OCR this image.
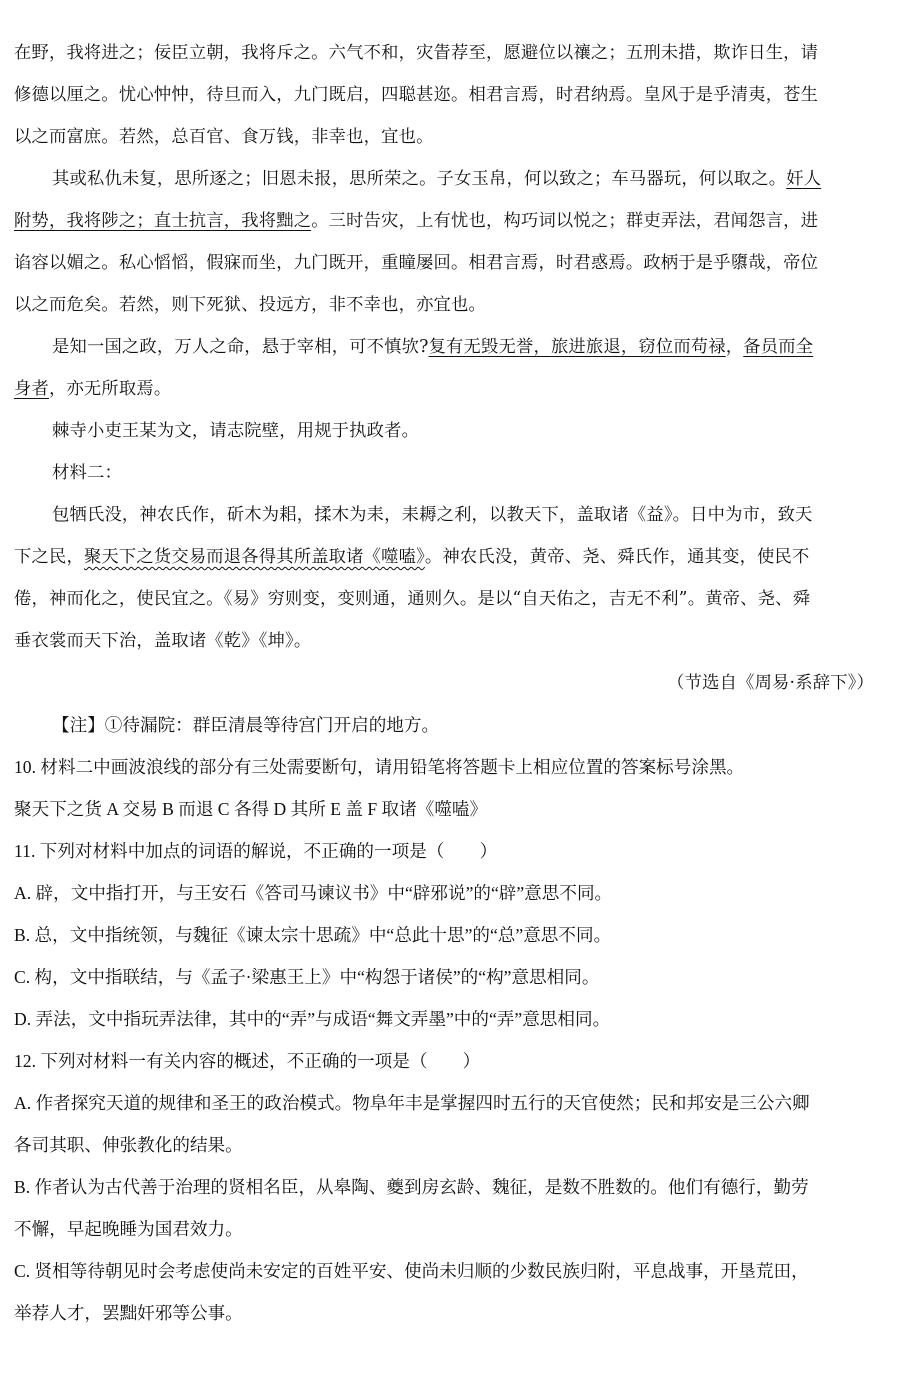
在野，我将进之；佞臣立朝，我将斥之。六气不和，灾眚荐至，愿避位以禳之；五刑未措，欺诈日生，请
修德以厘之。忧心忡忡，待旦而入，九门既启，四聪甚迩。相君言焉，时君纳焉。皇风于是乎清夷，苍生
以之而富庶。若然，总百官、食万钱，非幸也，宜也。
其或私仇未复，思所逐之；旧恩未报，思所荣之。子女玉帛，何以致之；车马器玩，何以取之。奸人
附势，我将陟之；直士抗言，我将黜之。三时告灾，上有忧也，构巧词以悦之；群吏弄法，君闻怨言，进
谄容以媚之。私心慆慆，假寐而坐，九门既开，重瞳屡回。相君言焉，时君惑焉。政柄于是乎隳哉，帝位
以之而危矣。若然，则下死狱、投远方，非不幸也，亦宜也。
是知一国之政，万人之命，悬于宰相，可不慎欤?复有无毁无誉，旅进旅退，窃位而苟禄，备员而全
身者，亦无所取焉。
棘寺小吏王某为文，请志院壁，用规于执政者。
材料二：
包牺氏没，神农氏作，斫木为耜，揉木为耒，耒耨之利，以教天下，盖取诸《益》。日中为市，致天
下之民，聚天下之货交易而退各得其所盖取诸《噬嗑》。神农氏没，黄帝、尧、舜氏作，通其变，使民不
倦，神而化之，使民宜之。《易》穷则变，变则通，通则久。是以“自天佑之，吉无不利”。黄帝、尧、舜
垂衣裳而天下治，盖取诸《乾》《坤》。
（节选自《周易·系辞下》）
【注】①待漏院：群臣清晨等待宫门开启的地方。
10. 材料二中画波浪线的部分有三处需要断句，请用铅笔将答题卡上相应位置的答案标号涂黑。
聚天下之货 A 交易 B 而退 C 各得 D 其所 E 盖 F 取诸《噬嗑》
11. 下列对材料中加点的词语的解说，不正确的一项是（　　）
A. 辟，文中指打开，与王安石《答司马谏议书》中“辟邪说”的“辟”意思不同。
B. 总，文中指统领，与魏征《谏太宗十思疏》中“总此十思”的“总”意思不同。
C. 构，文中指联结，与《孟子·梁惠王上》中“构怨于诸侯”的“构”意思相同。
D. 弄法，文中指玩弄法律，其中的“弄”与成语“舞文弄墨”中的“弄”意思相同。
12. 下列对材料一有关内容的概述，不正确的一项是（　　）
A. 作者探究天道的规律和圣王的政治模式。物阜年丰是掌握四时五行的天官使然；民和邦安是三公六卿
各司其职、伸张教化的结果。
B. 作者认为古代善于治理的贤相名臣，从皋陶、夔到房玄龄、魏征，是数不胜数的。他们有德行，勤劳
不懈，早起晚睡为国君效力。
C. 贤相等待朝见时会考虑使尚未安定的百姓平安、使尚未归顺的少数民族归附，平息战事，开垦荒田，
举荐人才，罢黜奸邪等公事。
